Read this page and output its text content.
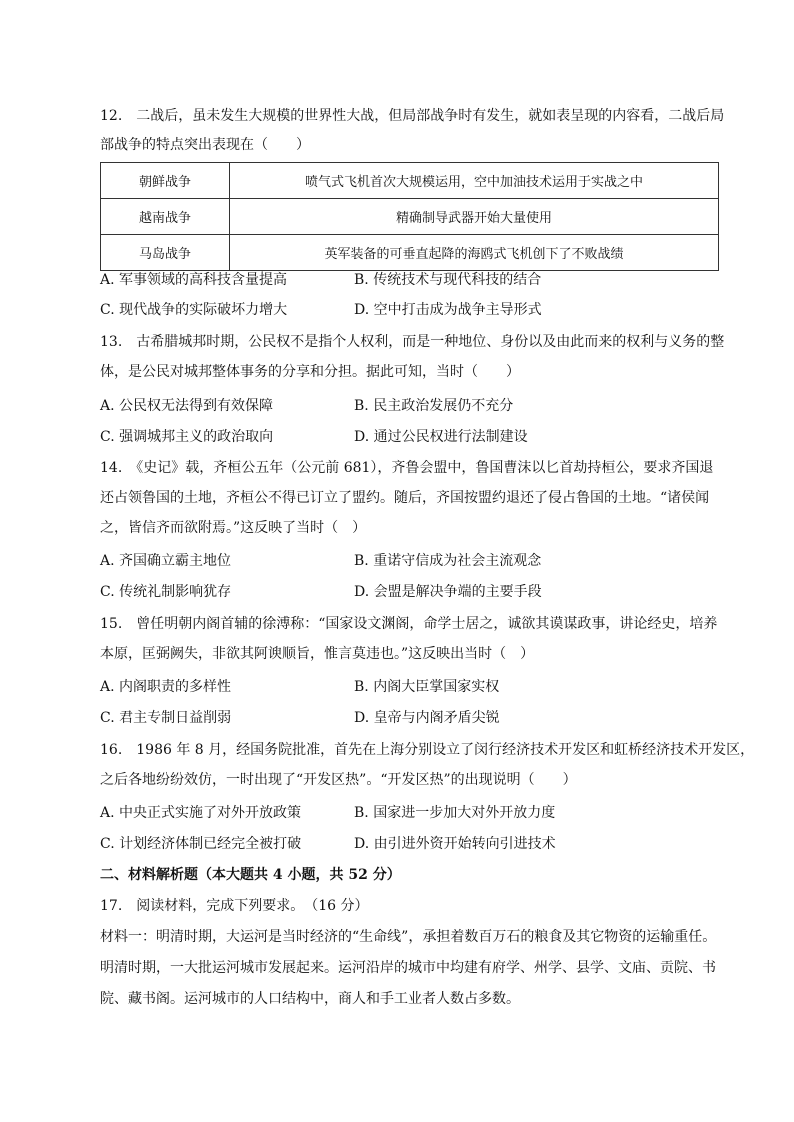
12.　二战后，虽未发生大规模的世界性大战，但局部战争时有发生，就如表呈现的内容看，二战后局
部战争的特点突出表现在（　　）
朝鲜战争	喷气式飞机首次大规模运用，空中加油技术运用于实战之中
越南战争	精确制导武器开始大量使用
马岛战争	英军装备的可垂直起降的海鸥式飞机创下了不败战绩
A. 军事领域的高科技含量提高	B. 传统技术与现代科技的结合
C. 现代战争的实际破坏力增大	D. 空中打击成为战争主导形式
13.　古希腊城邦时期，公民权不是指个人权利，而是一种地位、身份以及由此而来的权利与义务的整
体，是公民对城邦整体事务的分享和分担。据此可知，当时（　　）
A. 公民权无法得到有效保障	B. 民主政治发展仍不充分
C. 强调城邦主义的政治取向	D. 通过公民权进行法制建设
14.　《史记》载，齐桓公五年（公元前 681），齐鲁会盟中，鲁国曹沫以匕首劫持桓公，要求齐国退
还占领鲁国的土地，齐桓公不得已订立了盟约。随后，齐国按盟约退还了侵占鲁国的土地。“诸侯闻
之，皆信齐而欲附焉。”这反映了当时（　）
A. 齐国确立霸主地位	B. 重诺守信成为社会主流观念
C. 传统礼制影响犹存	D. 会盟是解决争端的主要手段
15.　曾任明朝内阁首辅的徐溥称：“国家设文渊阁，命学士居之，诚欲其谟谋政事，讲论经史，培养
本原，匡弼阙失，非欲其阿谀顺旨，惟言莫违也。”这反映出当时（　）
A. 内阁职责的多样性	B. 内阁大臣掌国家实权
C. 君主专制日益削弱	D. 皇帝与内阁矛盾尖锐
16.　1986 年 8 月，经国务院批准，首先在上海分别设立了闵行经济技术开发区和虹桥经济技术开发区，
之后各地纷纷效仿，一时出现了“开发区热”。“开发区热”的出现说明（　　）
A. 中央正式实施了对外开放政策	B. 国家进一步加大对外开放力度
C. 计划经济体制已经完全被打破	D. 由引进外资开始转向引进技术
二、材料解析题（本大题共 4 小题，共 52 分）
17.　阅读材料，完成下列要求。　（16 分）
材料一：明清时期，大运河是当时经济的“生命线”，承担着数百万石的粮食及其它物资的运输重任。
明清时期，一大批运河城市发展起来。运河沿岸的城市中均建有府学、州学、县学、文庙、贡院、书
院、藏书阁。运河城市的人口结构中，商人和手工业者人数占多数。
